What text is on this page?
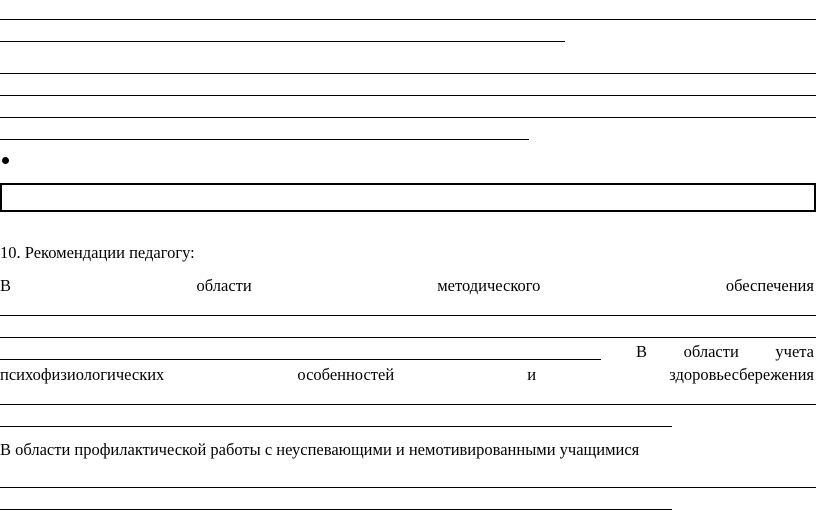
10. Рекомендации педагогу:
В	области	методического	обеспечения
В области учета
психофизиологических	особенностей	и	здоровьесбережения
В области профилактической работы с неуспевающими и немотивированными учащимися
